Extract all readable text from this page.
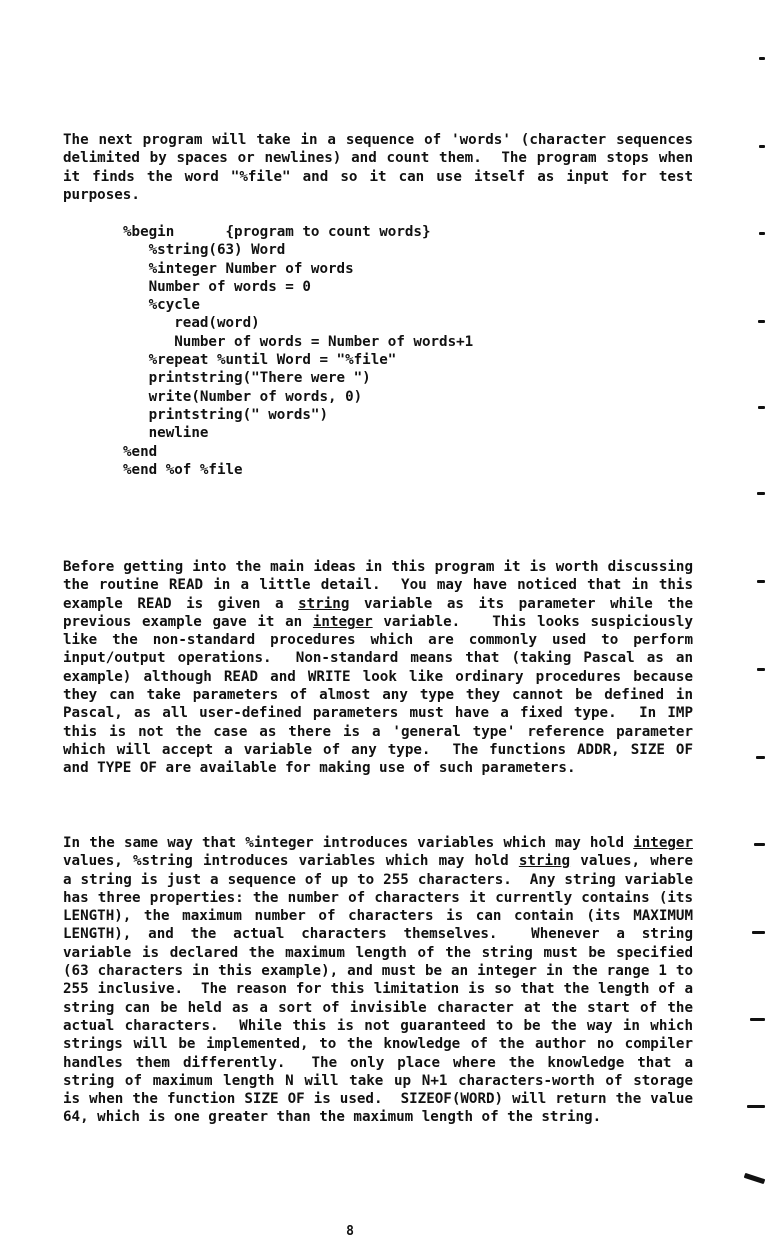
The next program will take in a sequence of 'words' (character sequences delimited by spaces or newlines) and count them.  The program stops when it finds the word "%file" and so it can use itself as input for test purposes.

%begin      {program to count words}
%string(63) Word
%integer Number of words
Number of words = 0
%cycle
read(word)
Number of words = Number of words+1
%repeat %until Word = "%file"
printstring("There were ")
write(Number of words, 0)
printstring(" words")
newline
%end
%end %of %file

Before getting into the main ideas in this program it is worth discussing the routine READ in a little detail.  You may have noticed that in this example READ is given a string variable as its parameter while the previous example gave it an integer variable.   This looks suspiciously like the non-standard procedures which are commonly used to perform input/output operations.  Non-standard means that (taking Pascal as an example) although READ and WRITE look like ordinary procedures because they can take parameters of almost any type they cannot be defined in Pascal, as all user-defined parameters must have a fixed type.  In IMP this is not the case as there is a 'general type' reference parameter which will accept a variable of any type.  The functions ADDR, SIZE OF and TYPE OF are available for making use of such parameters.

In the same way that %integer introduces variables which may hold integer values, %string introduces variables which may hold string values, where a string is just a sequence of up to 255 characters.  Any string variable has three properties: the number of characters it currently contains (its LENGTH), the maximum number of characters is can contain (its MAXIMUM LENGTH), and the actual characters themselves.  Whenever a string variable is declared the maximum length of the string must be specified (63 characters in this example), and must be an integer in the range 1 to 255 inclusive.  The reason for this limitation is so that the length of a string can be held as a sort of invisible character at the start of the actual characters.  While this is not guaranteed to be the way in which strings will be implemented, to the knowledge of the author no compiler handles them differently.  The only place where the knowledge that a string of maximum length N will take up N+1 characters-worth of storage is when the function SIZE OF is used.  SIZEOF(WORD) will return the value 64, which is one greater than the maximum length of the string.

8
